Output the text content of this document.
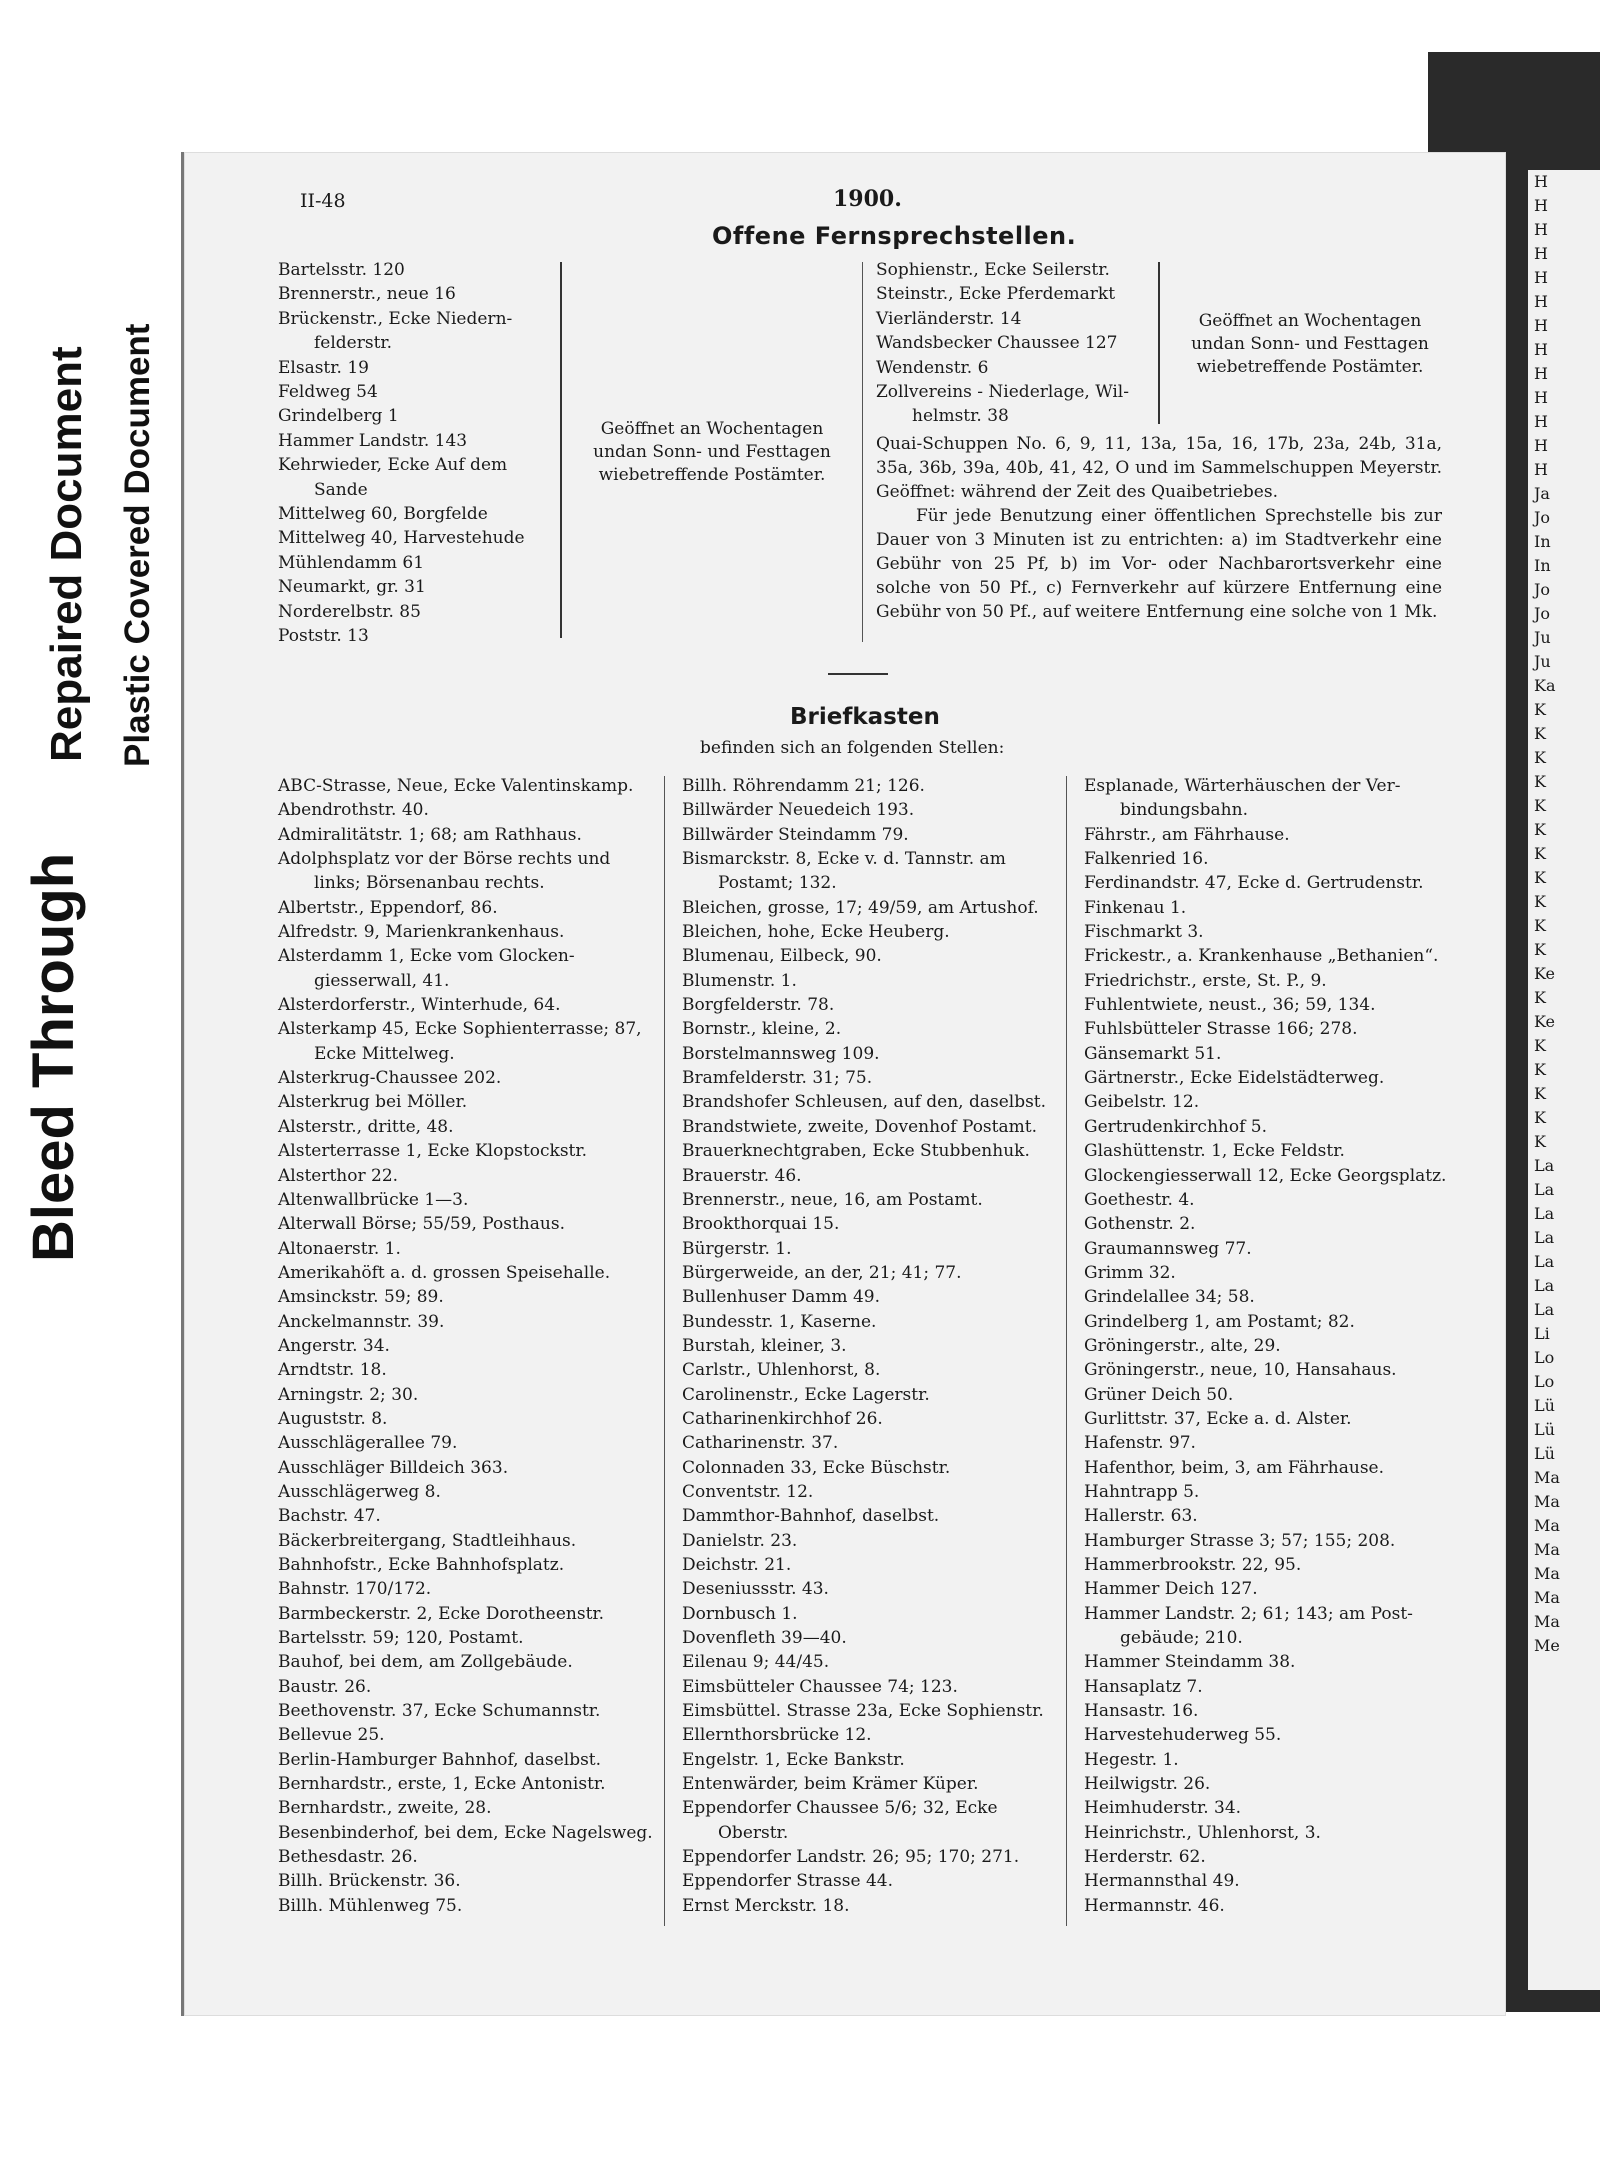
H
H
H
H
H
H
H
H
H
H
H
H
H
Ja
Jo
In
In
Jo
Jo
Ju
Ju
Ka
K
K
K
K
K
K
K
K
K
K
K
Ke
K
Ke
K
K
K
K
K
La
La
La
La
La
La
La
Li
Lo
Lo
Lü
Lü
Lü
Ma
Ma
Ma
Ma
Ma
Ma
Ma
Me
Bleed Through
Repaired Document Plastic Covered Document
II-48	1900.
Offene Fernsprechstellen.
Bartelsstr. 120
Brennerstr., neue 16
Brückenstr., Ecke Niedern-
felderstr.
Elsastr. 19
Feldweg 54
Grindelberg 1
Hammer Landstr. 143
Kehrwieder, Ecke Auf dem
Sande
Mittelweg 60, Borgfelde
Mittelweg 40, Harvestehude
Mühlendamm 61
Neumarkt, gr. 31
Norderelbstr. 85
Poststr. 13
Geöffnet an Wochentagen undan Sonn- und Festtagen wiebetreffende Postämter.
Sophienstr., Ecke Seilerstr.
Steinstr., Ecke Pferdemarkt
Vierländerstr. 14
Wandsbecker Chaussee 127
Wendenstr. 6
Zollvereins - Niederlage, Wil-
helmstr. 38
Geöffnet an Wochentagen undan Sonn- und Festtagen wiebetreffende Postämter.
Quai-Schuppen No. 6, 9, 11, 13a, 15a, 16, 17b, 23a, 24b, 31a, 35a, 36b, 39a, 40b, 41, 42, O und im Sammelschuppen Meyerstr. Geöffnet: während der Zeit des Quaibetriebes.
Für jede Benutzung einer öffentlichen Sprechstelle bis zur Dauer von 3 Minuten ist zu entrichten: a) im Stadtverkehr eine Gebühr von 25 Pf, b) im Vor- oder Nachbarortsverkehr eine solche von 50 Pf., c) Fernverkehr auf kürzere Entfernung eine Gebühr von 50 Pf., auf weitere Entfernung eine solche von 1 Mk.
Briefkasten
befinden sich an folgenden Stellen:
ABC-Strasse, Neue, Ecke Valentinskamp.
Abendrothstr. 40.
Admiralitätstr. 1; 68; am Rathhaus.
Adolphsplatz vor der Börse rechts und
links; Börsenanbau rechts.
Albertstr., Eppendorf, 86.
Alfredstr. 9, Marienkrankenhaus.
Alsterdamm 1, Ecke vom Glocken-
giesserwall, 41.
Alsterdorferstr., Winterhude, 64.
Alsterkamp 45, Ecke Sophienterrasse; 87,
Ecke Mittelweg.
Alsterkrug-Chaussee 202.
Alsterkrug bei Möller.
Alsterstr., dritte, 48.
Alsterterrasse 1, Ecke Klopstockstr.
Alsterthor 22.
Altenwallbrücke 1—3.
Alterwall Börse; 55/59, Posthaus.
Altonaerstr. 1.
Amerikahöft a. d. grossen Speisehalle.
Amsinckstr. 59; 89.
Anckelmannstr. 39.
Angerstr. 34.
Arndtstr. 18.
Arningstr. 2; 30.
Auguststr. 8.
Ausschlägerallee 79.
Ausschläger Billdeich 363.
Ausschlägerweg 8.
Bachstr. 47.
Bäckerbreitergang, Stadtleihhaus.
Bahnhofstr., Ecke Bahnhofsplatz.
Bahnstr. 170/172.
Barmbeckerstr. 2, Ecke Dorotheenstr.
Bartelsstr. 59; 120, Postamt.
Bauhof, bei dem, am Zollgebäude.
Baustr. 26.
Beethovenstr. 37, Ecke Schumannstr.
Bellevue 25.
Berlin-Hamburger Bahnhof, daselbst.
Bernhardstr., erste, 1, Ecke Antonistr.
Bernhardstr., zweite, 28.
Besenbinderhof, bei dem, Ecke Nagelsweg.
Bethesdastr. 26.
Billh. Brückenstr. 36.
Billh. Mühlenweg 75.
Billh. Röhrendamm 21; 126.
Billwärder Neuedeich 193.
Billwärder Steindamm 79.
Bismarckstr. 8, Ecke v. d. Tannstr. am
Postamt; 132.
Bleichen, grosse, 17; 49/59, am Artushof.
Bleichen, hohe, Ecke Heuberg.
Blumenau, Eilbeck, 90.
Blumenstr. 1.
Borgfelderstr. 78.
Bornstr., kleine, 2.
Borstelmannsweg 109.
Bramfelderstr. 31; 75.
Brandshofer Schleusen, auf den, daselbst.
Brandstwiete, zweite, Dovenhof Postamt.
Brauerknechtgraben, Ecke Stubbenhuk.
Brauerstr. 46.
Brennerstr., neue, 16, am Postamt.
Brookthorquai 15.
Bürgerstr. 1.
Bürgerweide, an der, 21; 41; 77.
Bullenhuser Damm 49.
Bundesstr. 1, Kaserne.
Burstah, kleiner, 3.
Carlstr., Uhlenhorst, 8.
Carolinenstr., Ecke Lagerstr.
Catharinenkirchhof 26.
Catharinenstr. 37.
Colonnaden 33, Ecke Büschstr.
Conventstr. 12.
Dammthor-Bahnhof, daselbst.
Danielstr. 23.
Deichstr. 21.
Deseniussstr. 43.
Dornbusch 1.
Dovenfleth 39—40.
Eilenau 9; 44/45.
Eimsbütteler Chaussee 74; 123.
Eimsbüttel. Strasse 23a, Ecke Sophienstr.
Ellernthorsbrücke 12.
Engelstr. 1, Ecke Bankstr.
Entenwärder, beim Krämer Küper.
Eppendorfer Chaussee 5/6; 32, Ecke
Oberstr.
Eppendorfer Landstr. 26; 95; 170; 271.
Eppendorfer Strasse 44.
Ernst Merckstr. 18.
Esplanade, Wärterhäuschen der Ver-
bindungsbahn.
Fährstr., am Fährhause.
Falkenried 16.
Ferdinandstr. 47, Ecke d. Gertrudenstr.
Finkenau 1.
Fischmarkt 3.
Frickestr., a. Krankenhause „Bethanien“.
Friedrichstr., erste, St. P., 9.
Fuhlentwiete, neust., 36; 59, 134.
Fuhlsbütteler Strasse 166; 278.
Gänsemarkt 51.
Gärtnerstr., Ecke Eidelstädterweg.
Geibelstr. 12.
Gertrudenkirchhof 5.
Glashüttenstr. 1, Ecke Feldstr.
Glockengiesserwall 12, Ecke Georgsplatz.
Goethestr. 4.
Gothenstr. 2.
Graumannsweg 77.
Grimm 32.
Grindelallee 34; 58.
Grindelberg 1, am Postamt; 82.
Gröningerstr., alte, 29.
Gröningerstr., neue, 10, Hansahaus.
Grüner Deich 50.
Gurlittstr. 37, Ecke a. d. Alster.
Hafenstr. 97.
Hafenthor, beim, 3, am Fährhause.
Hahntrapp 5.
Hallerstr. 63.
Hamburger Strasse 3; 57; 155; 208.
Hammerbrookstr. 22, 95.
Hammer Deich 127.
Hammer Landstr. 2; 61; 143; am Post-
gebäude; 210.
Hammer Steindamm 38.
Hansaplatz 7.
Hansastr. 16.
Harvestehuderweg 55.
Hegestr. 1.
Heilwigstr. 26.
Heimhuderstr. 34.
Heinrichstr., Uhlenhorst, 3.
Herderstr. 62.
Hermannsthal 49.
Hermannstr. 46.
